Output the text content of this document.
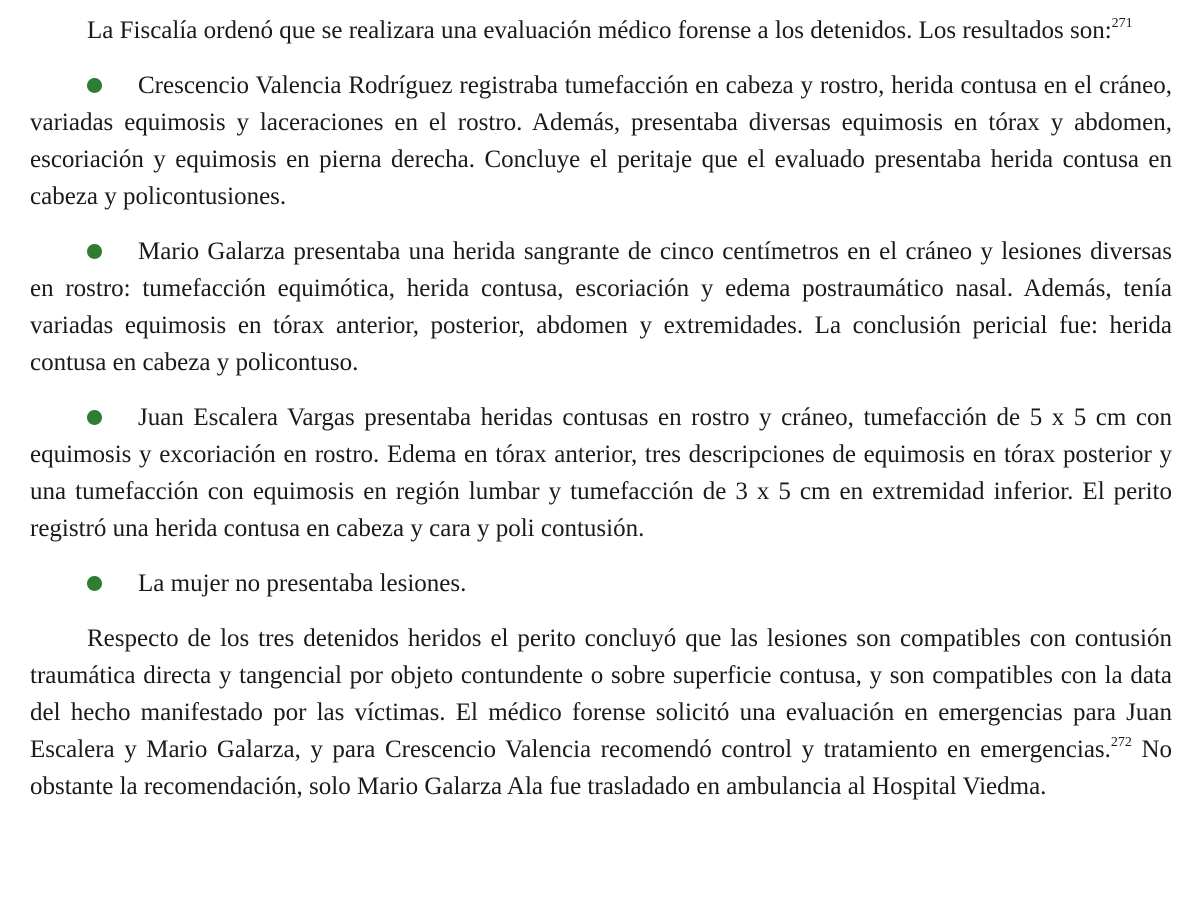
La Fiscalía ordenó que se realizara una evaluación médico forense a los detenidos. Los resultados son:$^{271}$

Crescencio Valencia Rodríguez registraba tumefacción en cabeza y rostro, herida contusa en el cráneo, variadas equimosis y laceraciones en el rostro. Además, presentaba diversas equimosis en tórax y abdomen, escoriación y equimosis en pierna derecha. Concluye el peritaje que el evaluado presentaba herida contusa en cabeza y policontusiones.

Mario Galarza presentaba una herida sangrante de cinco centímetros en el cráneo y lesiones diversas en rostro: tumefacción equimótica, herida contusa, escoriación y edema postraumático nasal. Además, tenía variadas equimosis en tórax anterior, posterior, abdomen y extremidades. La conclusión pericial fue: herida contusa en cabeza y policontuso.

Juan Escalera Vargas presentaba heridas contusas en rostro y cráneo, tumefacción de 5 x 5 cm con equimosis y excoriación en rostro. Edema en tórax anterior, tres descripciones de equimosis en tórax posterior y una tumefacción con equimosis en región lumbar y tumefacción de 3 x 5 cm en extremidad inferior. El perito registró una herida contusa en cabeza y cara y poli contusión.

La mujer no presentaba lesiones.

Respecto de los tres detenidos heridos el perito concluyó que las lesiones son compatibles con contusión traumática directa y tangencial por objeto contundente o sobre superficie contusa, y son compatibles con la data del hecho manifestado por las víctimas. El médico forense solicitó una evaluación en emergencias para Juan Escalera y Mario Galarza, y para Crescencio Valencia recomendó control y tratamiento en emergencias.$^{272}$ No obstante la recomendación, solo Mario Galarza Ala fue trasladado en ambulancia al Hospital Viedma.
